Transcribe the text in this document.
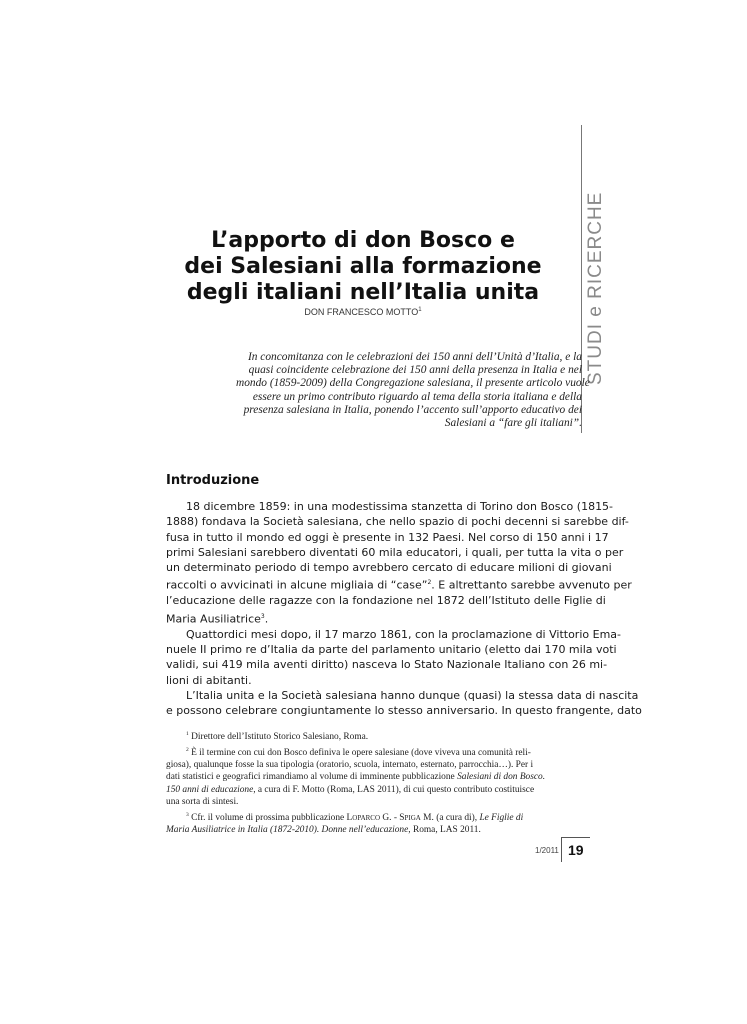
STUDI e RICERCHE
L’apporto di don Bosco e
dei Salesiani alla formazione
degli italiani nell’Italia unita
DON FRANCESCO MOTTO$^1$
In concomitanza con le celebrazioni dei 150 anni dell’Unità d’Italia, e la
quasi coincidente celebrazione dei 150 anni della presenza in Italia e nel
mondo (1859-2009) della Congregazione salesiana, il presente articolo vuole
essere un primo contributo riguardo al tema della storia italiana e della
presenza salesiana in Italia, ponendo l’accento sull’apporto educativo dei
Salesiani a “fare gli italiani”.
Introduzione
18 dicembre 1859: in una modestissima stanzetta di Torino don Bosco (1815-
1888) fondava la Società salesiana, che nello spazio di pochi decenni si sarebbe dif-
fusa in tutto il mondo ed oggi è presente in 132 Paesi. Nel corso di 150 anni i 17
primi Salesiani sarebbero diventati 60 mila educatori, i quali, per tutta la vita o per
un determinato periodo di tempo avrebbero cercato di educare milioni di giovani
raccolti o avvicinati in alcune migliaia di “case”$^2$. E altrettanto sarebbe avvenuto per
l’educazione delle ragazze con la fondazione nel 1872 dell’Istituto delle Figlie di
Maria Ausiliatrice$^3$.
Quattordici mesi dopo, il 17 marzo 1861, con la proclamazione di Vittorio Ema-
nuele II primo re d’Italia da parte del parlamento unitario (eletto dai 170 mila voti
validi, sui 419 mila aventi diritto) nasceva lo Stato Nazionale Italiano con 26 mi-
lioni di abitanti.
L’Italia unita e la Società salesiana hanno dunque (quasi) la stessa data di nascita
e possono celebrare congiuntamente lo stesso anniversario. In questo frangente, dato
$^1$ Direttore dell’Istituto Storico Salesiano, Roma.
$^2$ È il termine con cui don Bosco definiva le opere salesiane (dove viveva una comunità reli-
giosa), qualunque fosse la sua tipologia (oratorio, scuola, internato, esternato, parrocchia…). Per i
dati statistici e geografici rimandiamo al volume di imminente pubblicazione Salesiani di don Bosco.
150 anni di educazione, a cura di F. Motto (Roma, LAS 2011), di cui questo contributo costituisce
una sorta di sintesi.
$^3$ Cfr. il volume di prossima pubblicazione Loparco G. - Spiga M. (a cura di), Le Figlie di
Maria Ausiliatrice in Italia (1872-2010). Donne nell’educazione, Roma, LAS 2011.
1/2011 19
